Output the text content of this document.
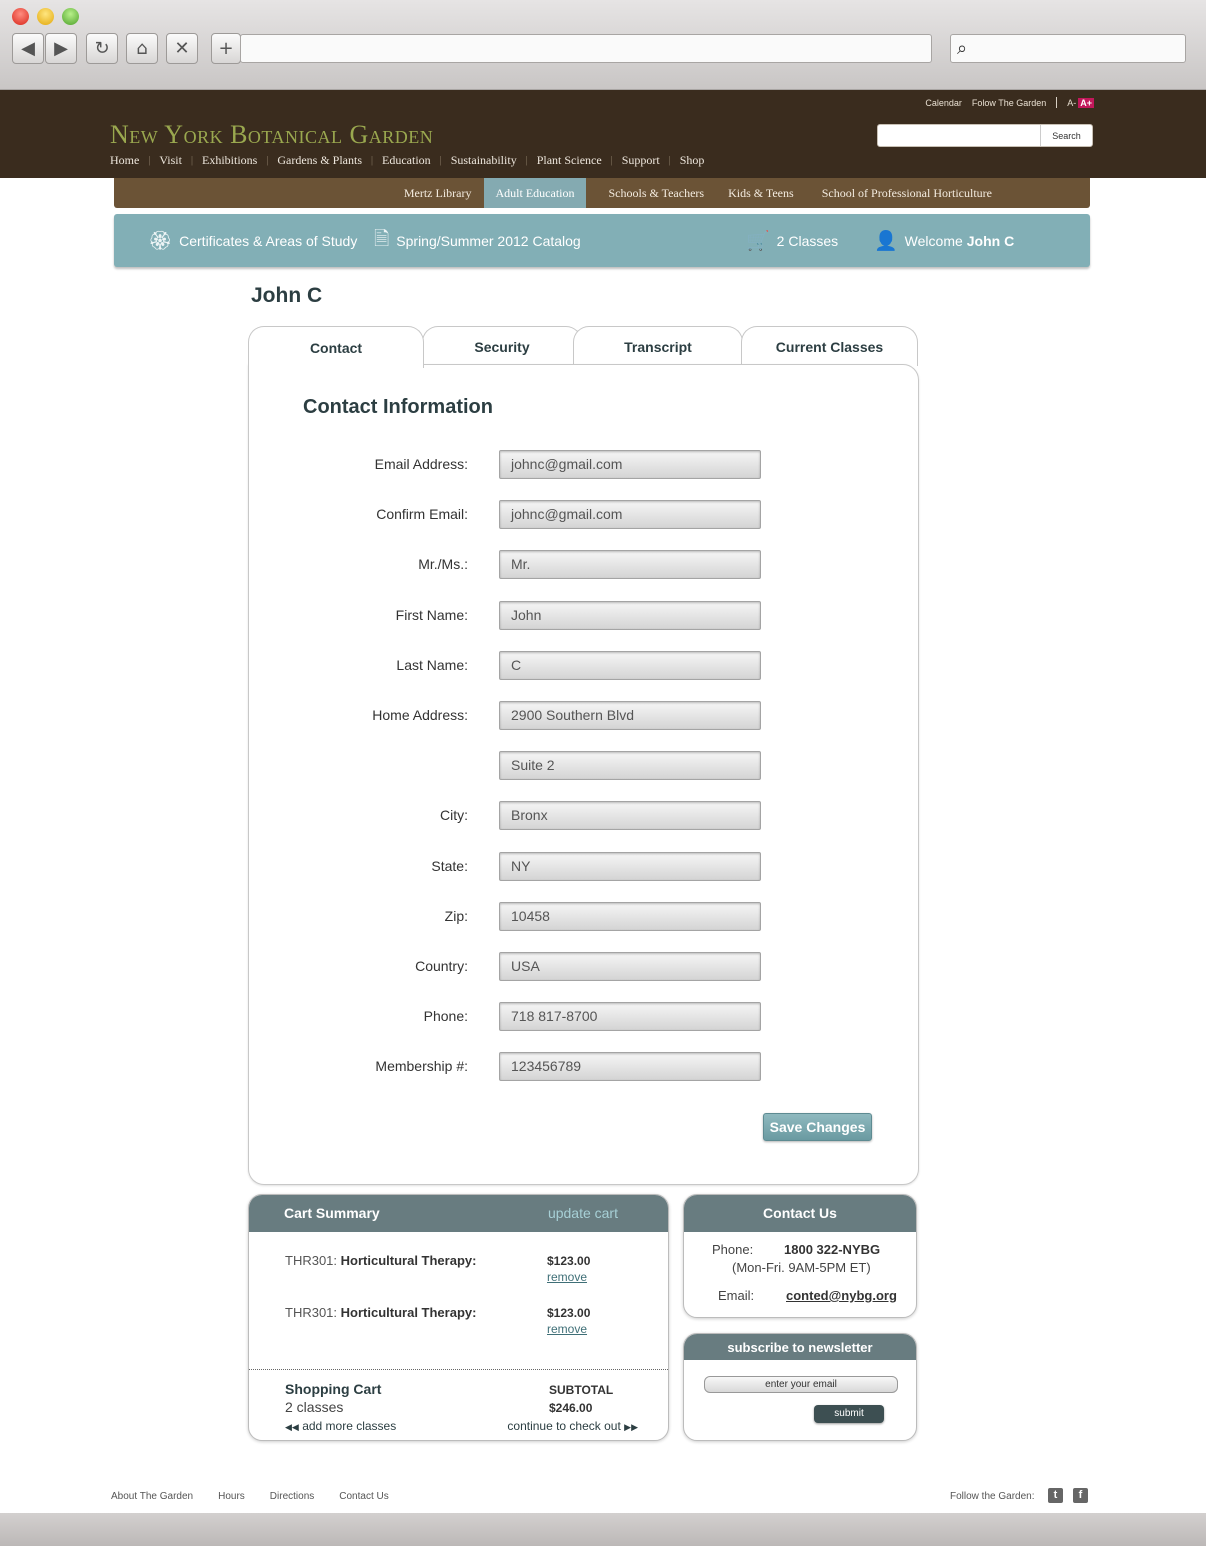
◀	▶	↻	⌂	✕	+	⌕
Calendar Folow The Garden A- A+
New York Botanical Garden	Search
Home | Visit | Exhibitions | Gardens & Plants | Education | Sustainability | Plant Science | Support | Shop
Mertz Library	Adult Education	Schools & Teachers	Kids & Teens	School of Professional Horticulture
🏵 Certificates & Areas of Study 🗎 Spring/Summer 2012 Catalog	🛒 2 Classes 👤 Welcome John C
John C
Contact	Security	Transcript	Current Classes
Contact Information
Email Address:	johnc@gmail.com
Confirm Email:	johnc@gmail.com
Mr./Ms.:	Mr.
First Name:	John
Last Name:	C
Home Address:	2900 Southern Blvd
Suite 2
City:	Bronx
State:	NY
Zip:	10458
Country:	USA
Phone:	718 817-8700
Membership #:	123456789
Save Changes
Cart Summary	update cart
THR301: Horticultural Therapy:	$123.00
remove
THR301: Horticultural Therapy:	$123.00
remove
Shopping Cart
2 classes
SUBTOTAL
$246.00
◀◀ add more classes	continue to check out ▶▶
Contact Us
Phone: 1800 322-NYBG
(Mon-Fri. 9AM-5PM ET)
Email: conted@nybg.org
subscribe to newsletter
enter your email
submit
About The Garden	Hours	Directions	Contact Us	Follow the Garden:	t	f
